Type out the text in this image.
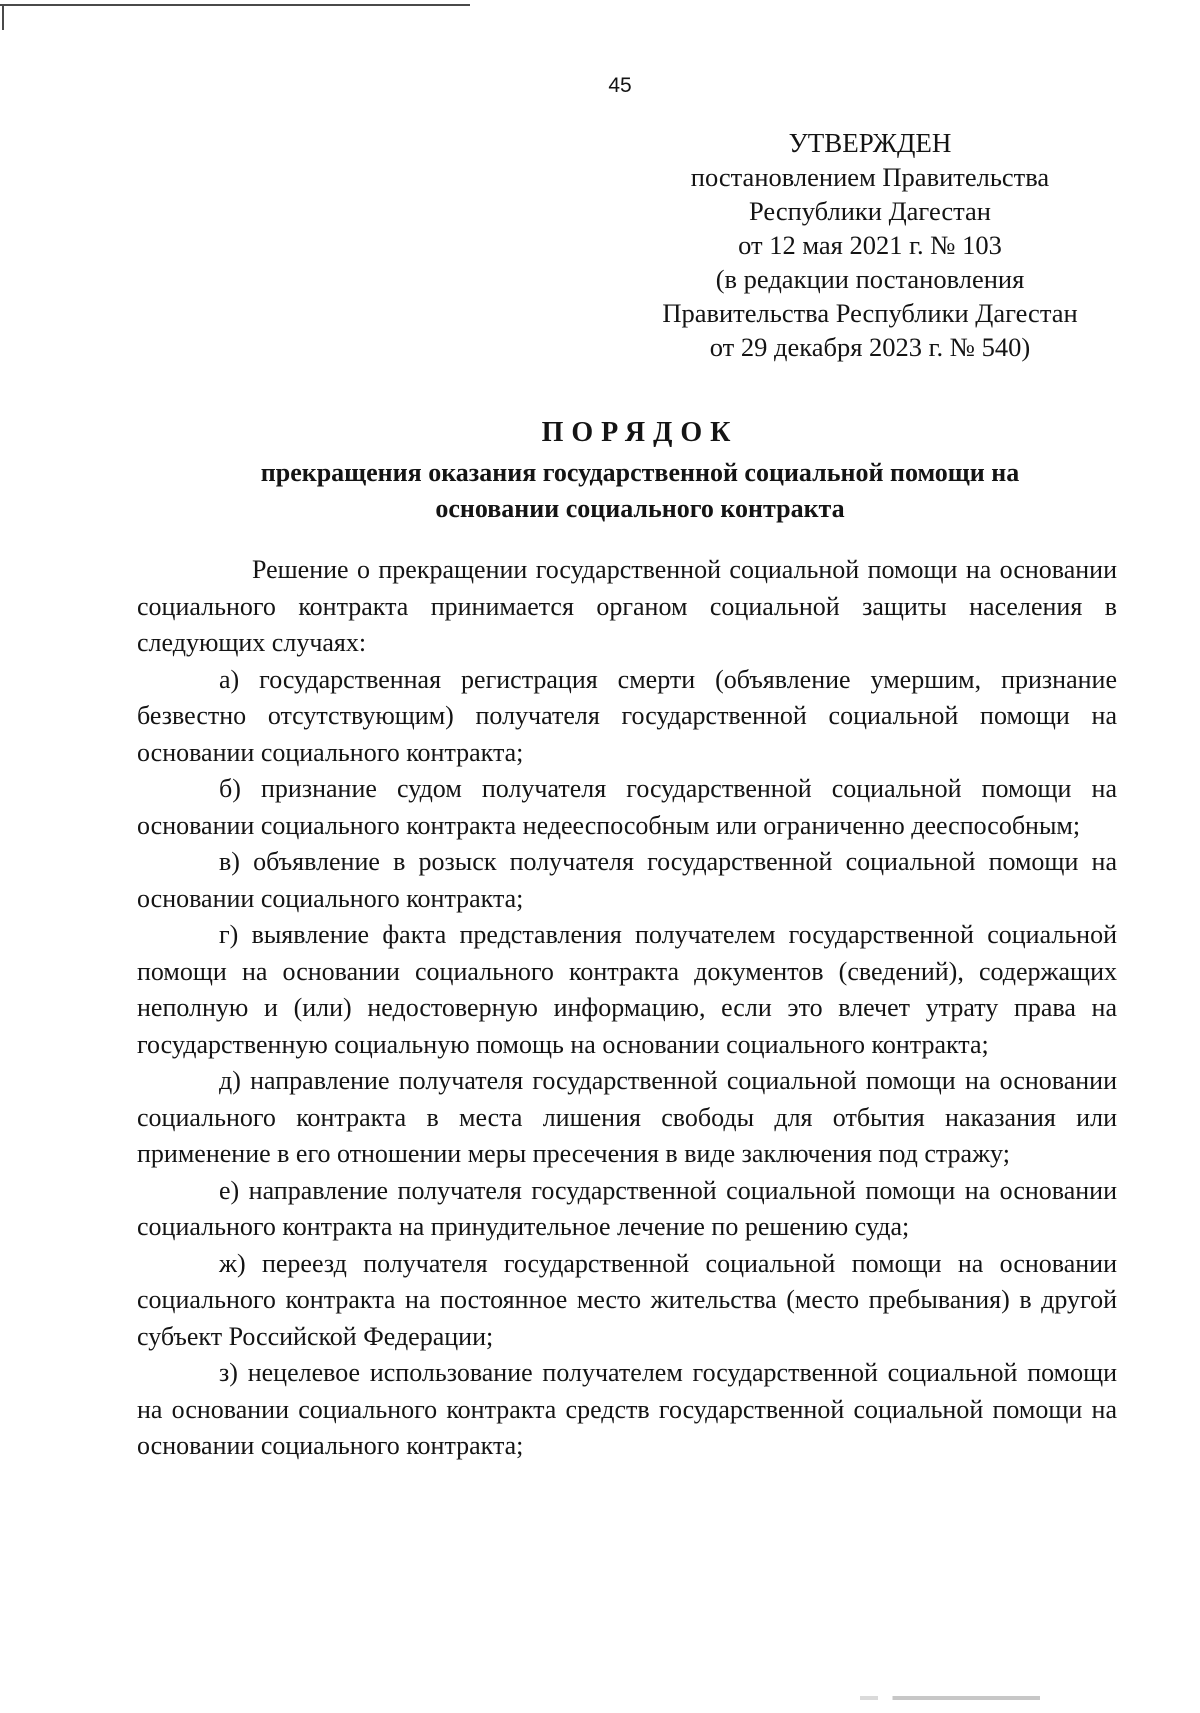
45
УТВЕРЖДЕН
постановлением Правительства
Республики Дагестан
от 12 мая 2021 г. № 103
(в редакции постановления
Правительства Республики Дагестан
от 29 декабря 2023 г. № 540)
ПОРЯДОК
прекращения оказания государственной социальной помощи на
основании социального контракта

Решение о прекращении государственной социальной помощи на основании социального контракта принимается органом социальной защиты населения в следующих случаях:

а) государственная регистрация смерти (объявление умершим, признание безвестно отсутствующим) получателя государственной социальной помощи на основании социального контракта;

б) признание судом получателя государственной социальной помощи на основании социального контракта недееспособным или ограниченно дееспособным;

в) объявление в розыск получателя государственной социальной помощи на основании социального контракта;

г) выявление факта представления получателем государственной социальной помощи на основании социального контракта документов (сведений), содержащих неполную и (или) недостоверную информацию, если это влечет утрату права на государственную социальную помощь на основании социального контракта;

д) направление получателя государственной социальной помощи на основании социального контракта в места лишения свободы для отбытия наказания или применение в его отношении меры пресечения в виде заключения под стражу;

е) направление получателя государственной социальной помощи на основании социального контракта на принудительное лечение по решению суда;

ж) переезд получателя государственной социальной помощи на основании социального контракта на постоянное место жительства (место пребывания) в другой субъект Российской Федерации;

з) нецелевое использование получателем государственной социальной помощи на основании социального контракта средств государственной социальной помощи на основании социального контракта;
